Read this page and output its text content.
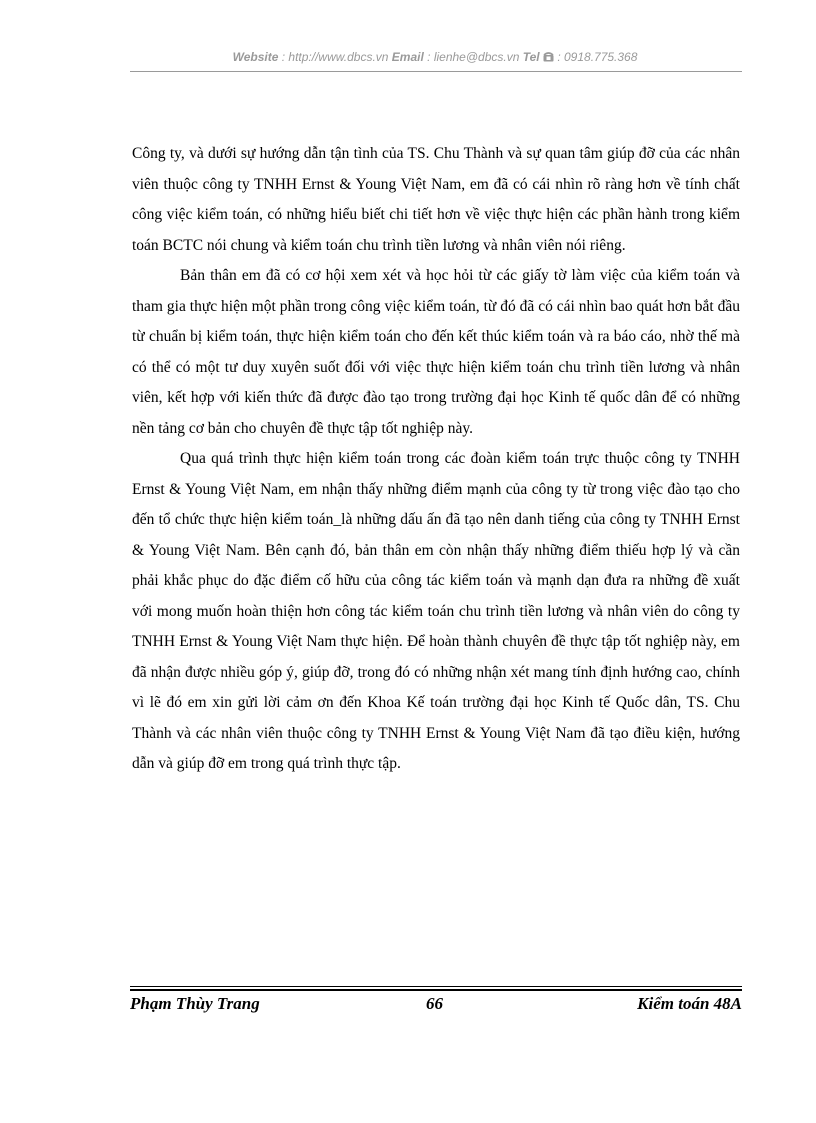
Website : http://www.dbcs.vn Email : lienhe@dbcs.vn Tel : 0918.775.368

Công ty, và dưới sự hướng dẫn tận tình của TS. Chu Thành và sự quan tâm giúp đỡ của các nhân viên thuộc công ty TNHH Ernst & Young Việt Nam, em đã có cái nhìn rõ ràng hơn về tính chất công việc kiểm toán, có những hiểu biết chi tiết hơn về việc thực hiện các phần hành trong kiểm toán BCTC nói chung và kiểm toán chu trình tiền lương và nhân viên nói riêng.

Bản thân em đã có cơ hội xem xét và học hỏi từ các giấy tờ làm việc của kiểm toán và tham gia thực hiện một phần trong công việc kiểm toán, từ đó đã có cái nhìn bao quát hơn bắt đầu từ chuẩn bị kiểm toán, thực hiện kiểm toán cho đến kết thúc kiểm toán và ra báo cáo, nhờ thế mà có thể có một tư duy xuyên suốt đối với việc thực hiện kiểm toán chu trình tiền lương và nhân viên, kết hợp với kiến thức đã được đào tạo trong trường đại học Kinh tế quốc dân để có những nền tảng cơ bản cho chuyên đề thực tập tốt nghiệp này.

Qua quá trình thực hiện kiểm toán trong các đoàn kiểm toán trực thuộc công ty TNHH Ernst & Young Việt Nam, em nhận thấy những điểm mạnh của công ty từ trong việc đào tạo cho đến tổ chức thực hiện kiểm toán_là những dấu ấn đã tạo nên danh tiếng của công ty TNHH Ernst & Young Việt Nam. Bên cạnh đó, bản thân em còn nhận thấy những điểm thiếu hợp lý và cần phải khắc phục do đặc điểm cố hữu của công tác kiểm toán và mạnh dạn đưa ra những đề xuất với mong muốn hoàn thiện hơn công tác kiểm toán chu trình tiền lương và nhân viên do công ty TNHH Ernst & Young Việt Nam thực hiện. Để hoàn thành chuyên đề thực tập tốt nghiệp này, em đã nhận được nhiều góp ý, giúp đỡ, trong đó có những nhận xét mang tính định hướng cao, chính vì lẽ đó em xin gửi lời cảm ơn đến Khoa Kế toán trường đại học Kinh tế Quốc dân, TS. Chu Thành và các nhân viên thuộc công ty TNHH Ernst & Young Việt Nam đã tạo điều kiện, hướng dẫn và giúp đỡ em trong quá trình thực tập.

Phạm Thùy Trang	66	Kiểm toán 48A
